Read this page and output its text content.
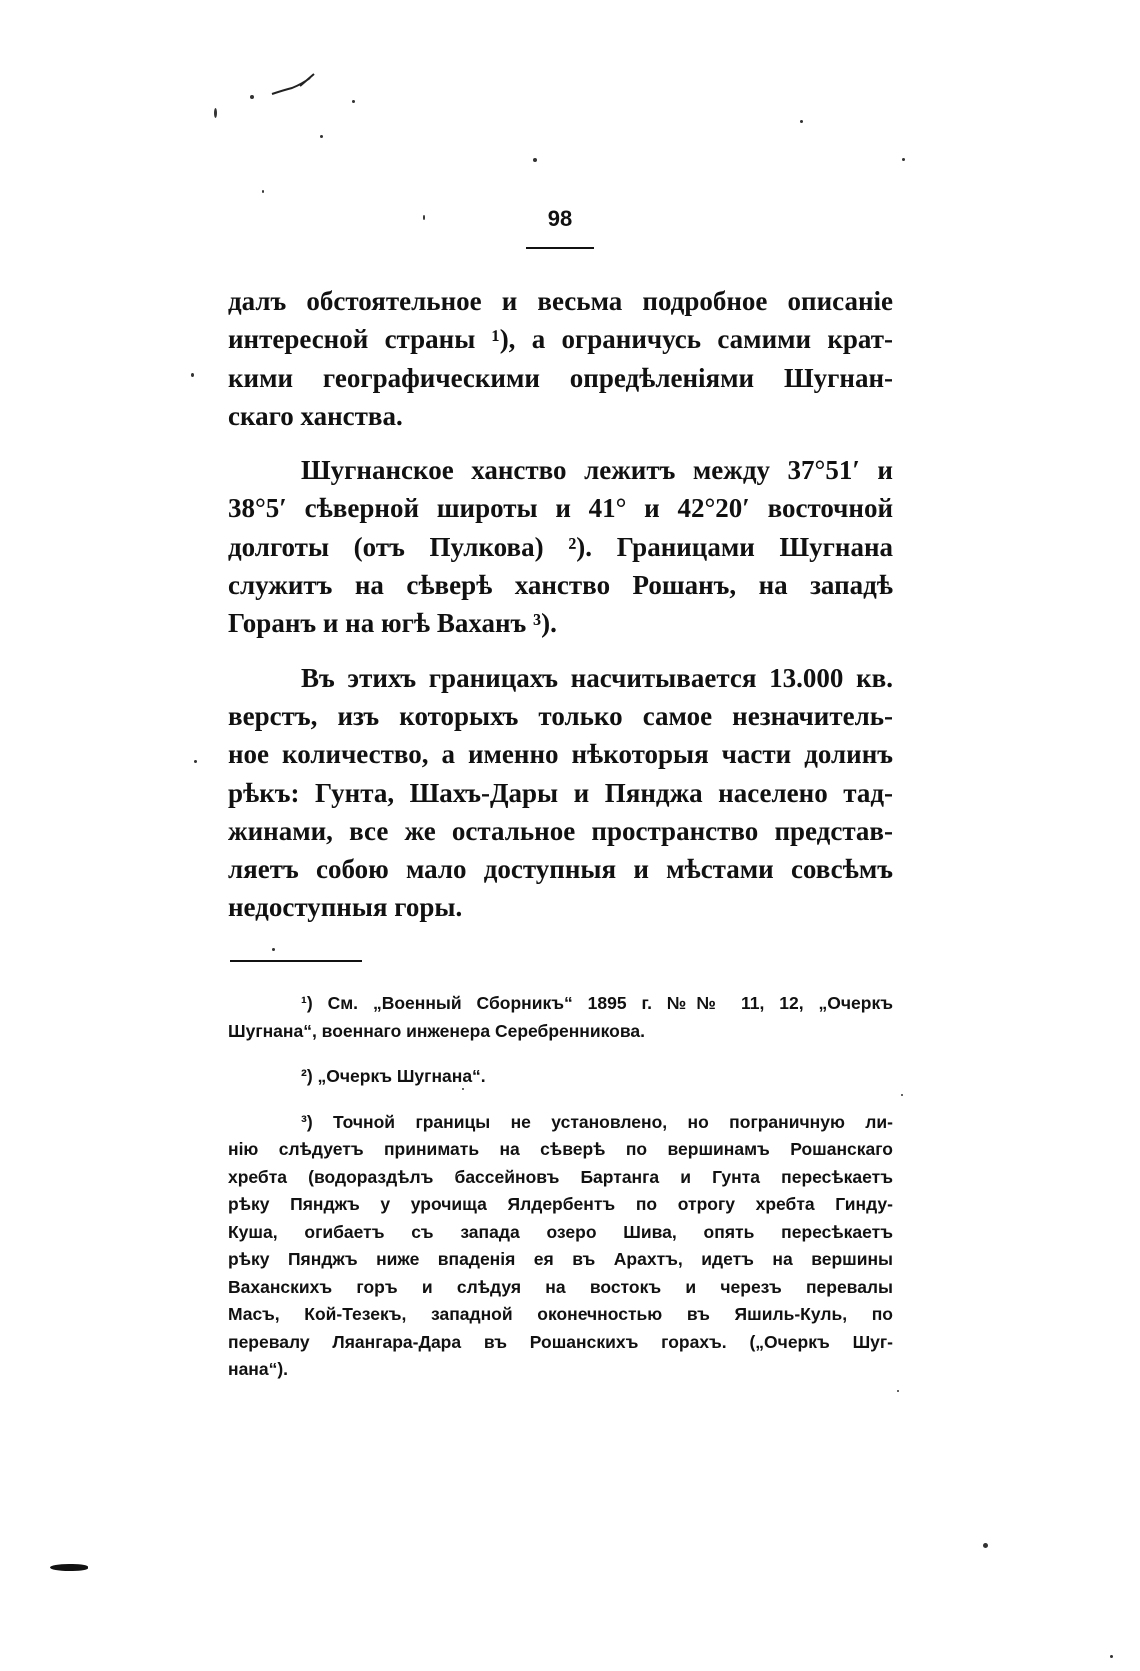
98
далъ обстоятельное и весьма подробное описанiе
интересной страны ¹), а ограничусь самими крат-
кими географическими опредѣленiями Шугнан-
скаго ханства.
Шугнанское ханство лежитъ между 37°51′ и
38°5′ сѣверной широты и 41° и 42°20′ восточной
долготы (отъ Пулкова) ²). Границами Шугнана
служитъ на сѣверѣ ханство Рошанъ, на западѣ
Горанъ и на югѣ Ваханъ ³).
Въ этихъ границахъ насчитывается 13.000 кв.
верстъ, изъ которыхъ только самое незначитель-
ное количество, а именно нѣкоторыя части долинъ
рѣкъ: Гунта, Шахъ-Дары и Пянджа населено тад-
жинами, все же остальное пространство представ-
ляетъ собою мало доступныя и мѣстами совсѣмъ
недоступныя горы.
¹) См. „Военный Сборникъ“ 1895 г. №№ 11, 12, „Очеркъ
Шугнана“, военнаго инженера Серебренникова.
²) „Очеркъ Шугнана“.
³) Точной границы не установлено, но пограничную ли-
нiю слѣдуетъ принимать на сѣверѣ по вершинамъ Рошанскаго
хребта (водораздѣлъ бассейновъ Бартанга и Гунта пересѣкаетъ
рѣку Пянджъ у урочища Ялдербентъ по отрогу хребта Гинду-
Куша, огибаетъ съ запада озеро Шива, опять пересѣкаетъ
рѣку Пянджъ ниже впаденiя ея въ Арахтъ, идетъ на вершины
Ваханскихъ горъ и слѣдуя на востокъ и черезъ перевалы
Масъ, Кой-Тезекъ, западной оконечностью въ Яшиль-Куль, по
перевалу Ляангара-Дара въ Рошанскихъ горахъ. („Очеркъ Шуг-
нана“).
